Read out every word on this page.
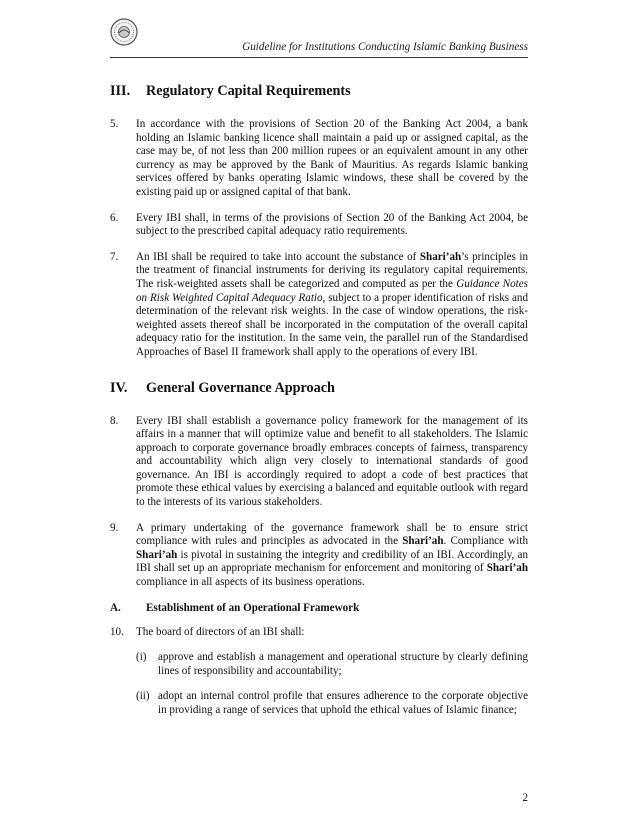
Guideline for Institutions Conducting Islamic Banking Business
III.	Regulatory Capital Requirements
5.	In accordance with the provisions of Section 20 of the Banking Act 2004, a bank holding an Islamic banking licence shall maintain a paid up or assigned capital, as the case may be, of not less than 200 million rupees or an equivalent amount in any other currency as may be approved by the Bank of Mauritius. As regards Islamic banking services offered by banks operating Islamic windows, these shall be covered by the existing paid up or assigned capital of that bank.
6.	Every IBI shall, in terms of the provisions of Section 20 of the Banking Act 2004, be subject to the prescribed capital adequacy ratio requirements.
7.	An IBI shall be required to take into account the substance of Shari’ah’s principles in the treatment of financial instruments for deriving its regulatory capital requirements. The risk-weighted assets shall be categorized and computed as per the Guidance Notes on Risk Weighted Capital Adequacy Ratio, subject to a proper identification of risks and determination of the relevant risk weights. In the case of window operations, the risk-weighted assets thereof shall be incorporated in the computation of the overall capital adequacy ratio for the institution. In the same vein, the parallel run of the Standardised Approaches of Basel II framework shall apply to the operations of every IBI.
IV.	General Governance Approach
8.	Every IBI shall establish a governance policy framework for the management of its affairs in a manner that will optimize value and benefit to all stakeholders. The Islamic approach to corporate governance broadly embraces concepts of fairness, transparency and accountability which align very closely to international standards of good governance. An IBI is accordingly required to adopt a code of best practices that promote these ethical values by exercising a balanced and equitable outlook with regard to the interests of its various stakeholders.
9.	A primary undertaking of the governance framework shall be to ensure strict compliance with rules and principles as advocated in the Shari’ah. Compliance with Shari’ah is pivotal in sustaining the integrity and credibility of an IBI. Accordingly, an IBI shall set up an appropriate mechanism for enforcement and monitoring of Shari’ah compliance in all aspects of its business operations.
A.	Establishment of an Operational Framework
10.	The board of directors of an IBI shall:
(i)	approve and establish a management and operational structure by clearly defining lines of responsibility and accountability;
(ii) adopt an internal control profile that ensures adherence to the corporate objective in providing a range of services that uphold the ethical values of Islamic finance;
2
